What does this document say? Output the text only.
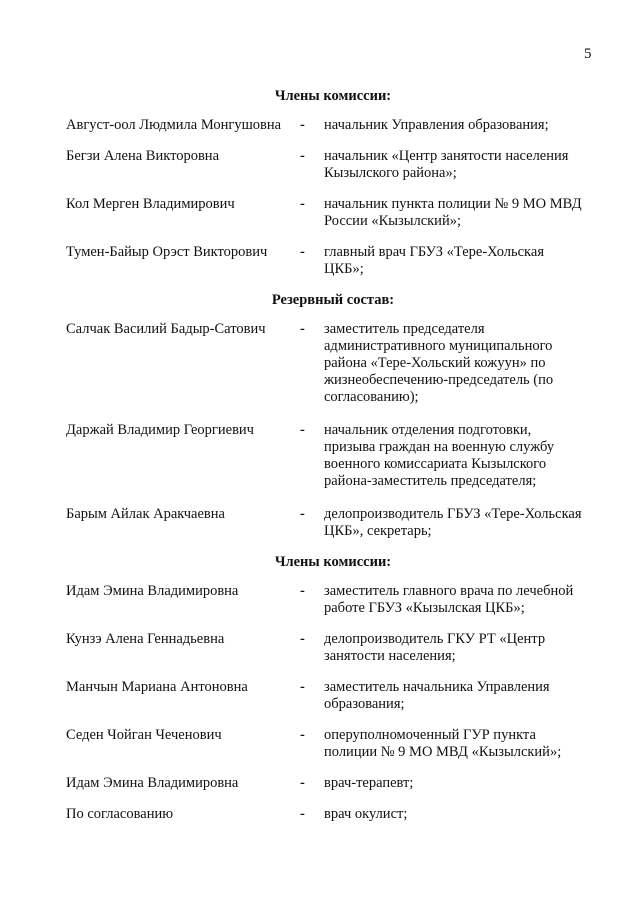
5
Члены комиссии:
Август-оол Людмила Монгушовна	-	начальник Управления образования;
Бегзи Алена Викторовна	-	начальник «Центр занятости населения Кызылского района»;
Кол Мерген Владимирович	-	начальник пункта полиции № 9 МО МВД России «Кызылский»;
Тумен-Байыр Орэст Викторович	-	главный врач ГБУЗ «Тере-Хольская ЦКБ»;
Резервный состав:
Салчак Василий Бадыр-Сатович	-	заместитель председателя административного муниципального района «Тере-Хольский кожуун» по жизнеобеспечению-председатель (по согласованию);
Даржай Владимир Георгиевич	-	начальник отделения подготовки, призыва граждан на военную службу военного комиссариата Кызылского района-заместитель председателя;
Барым Айлак Аракчаевна	-	делопроизводитель ГБУЗ «Тере-Хольская ЦКБ», секретарь;
Члены комиссии:
Идам Эмина Владимировна	-	заместитель главного врача по лечебной работе ГБУЗ «Кызылская ЦКБ»;
Кунзэ Алена Геннадьевна	-	делопроизводитель ГКУ РТ «Центр занятости населения;
Манчын Мариана Антоновна	-	заместитель начальника Управления образования;
Седен Чойган Чеченович	-	оперуполномоченный ГУР пункта полиции № 9 МО МВД «Кызылский»;
Идам Эмина Владимировна	-	врач-терапевт;
По согласованию	-	врач окулист;
